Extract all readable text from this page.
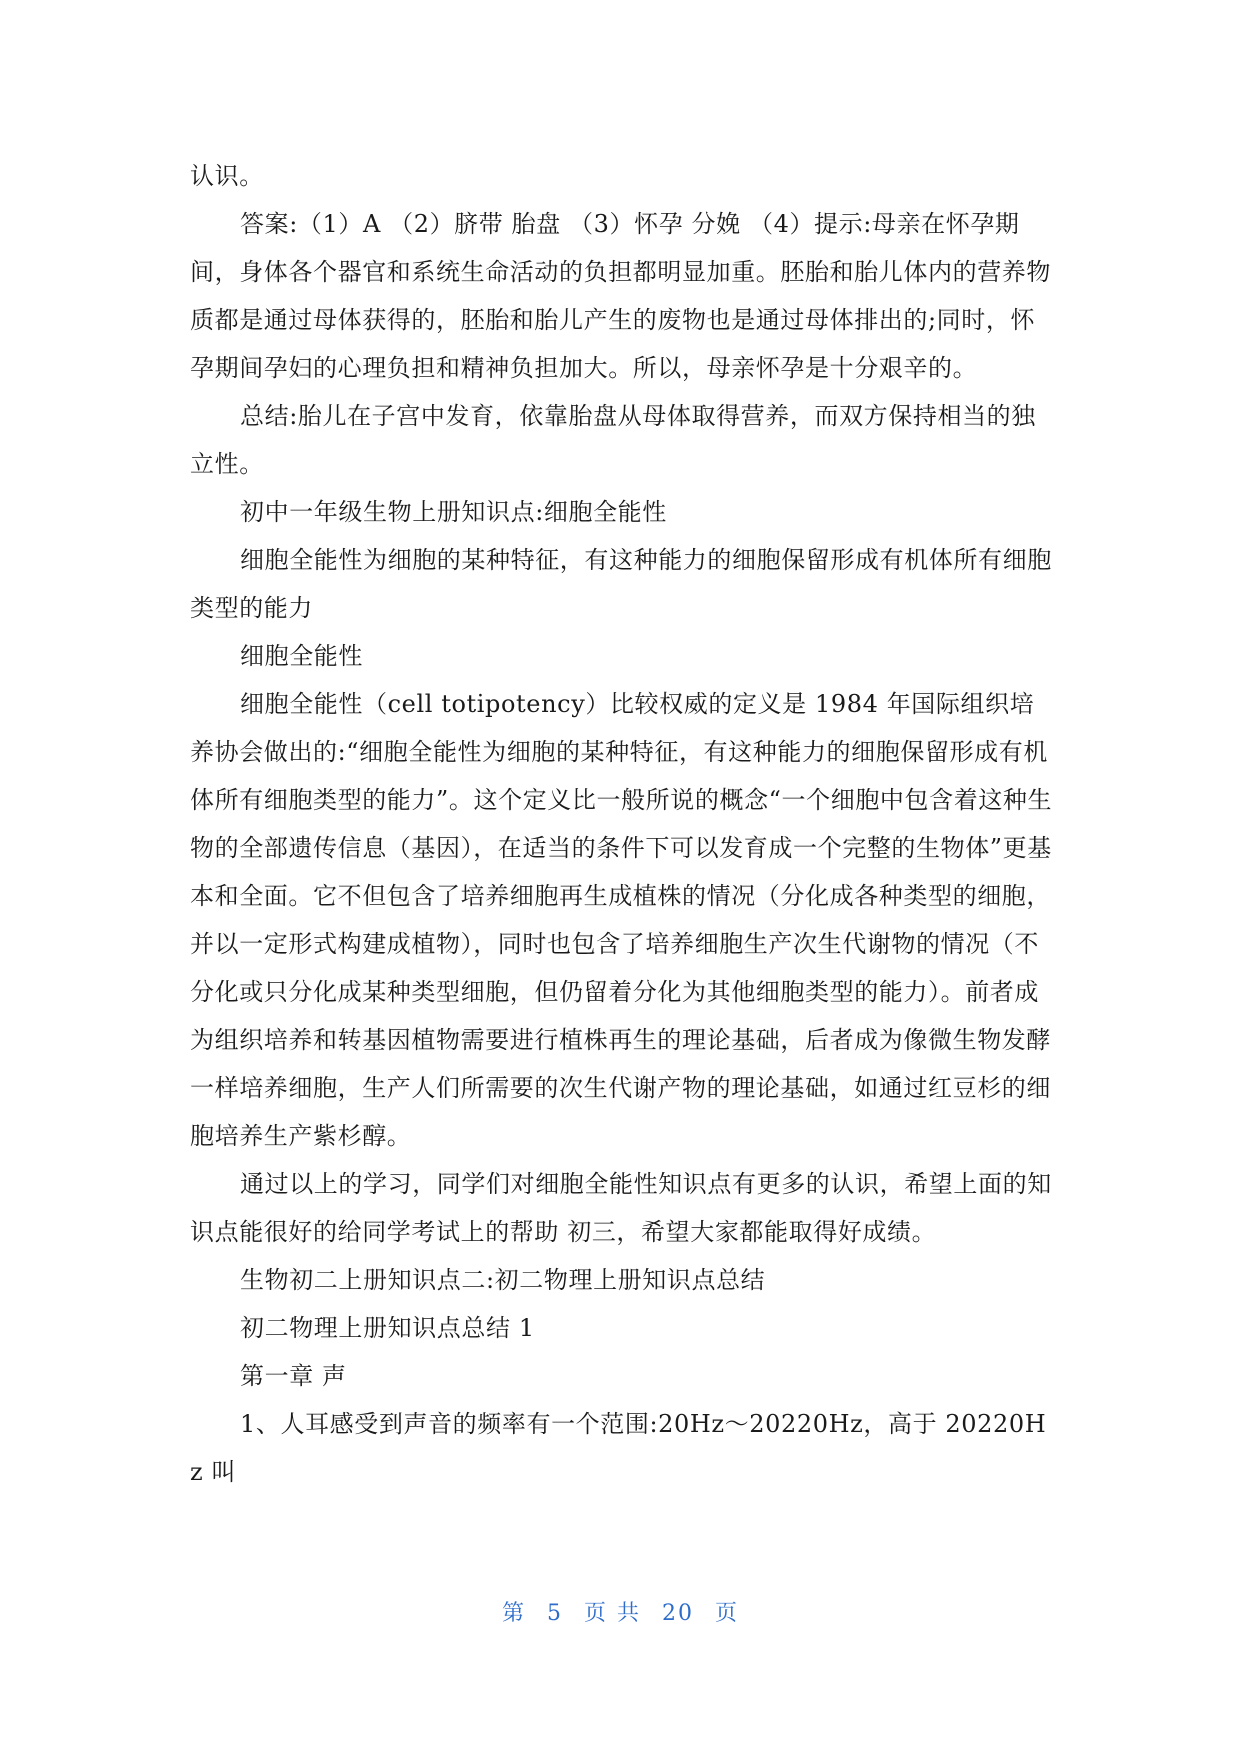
认识。

答案:（1）A （2）脐带 胎盘 （3）怀孕 分娩 （4）提示:母亲在怀孕期间，身体各个器官和系统生命活动的负担都明显加重。胚胎和胎儿体内的营养物质都是通过母体获得的，胚胎和胎儿产生的废物也是通过母体排出的;同时，怀孕期间孕妇的心理负担和精神负担加大。所以，母亲怀孕是十分艰辛的。

总结:胎儿在子宫中发育，依靠胎盘从母体取得营养，而双方保持相当的独立性。

初中一年级生物上册知识点:细胞全能性

细胞全能性为细胞的某种特征，有这种能力的细胞保留形成有机体所有细胞类型的能力

细胞全能性

细胞全能性（cell totipotency）比较权威的定义是 1984 年国际组织培养协会做出的:“细胞全能性为细胞的某种特征，有这种能力的细胞保留形成有机体所有细胞类型的能力”。这个定义比一般所说的概念“一个细胞中包含着这种生物的全部遗传信息（基因），在适当的条件下可以发育成一个完整的生物体”更基本和全面。它不但包含了培养细胞再生成植株的情况（分化成各种类型的细胞，并以一定形式构建成植物），同时也包含了培养细胞生产次生代谢物的情况（不分化或只分化成某种类型细胞，但仍留着分化为其他细胞类型的能力）。前者成为组织培养和转基因植物需要进行植株再生的理论基础，后者成为像微生物发酵一样培养细胞，生产人们所需要的次生代谢产物的理论基础，如通过红豆杉的细胞培养生产紫杉醇。

通过以上的学习，同学们对细胞全能性知识点有更多的认识，希望上面的知识点能很好的给同学考试上的帮助 初三，希望大家都能取得好成绩。

生物初二上册知识点二:初二物理上册知识点总结

初二物理上册知识点总结 1

第一章 声

1、人耳感受到声音的频率有一个范围:20Hz～20220Hz，高于 20220Hz 叫

第 5 页 共 20 页
